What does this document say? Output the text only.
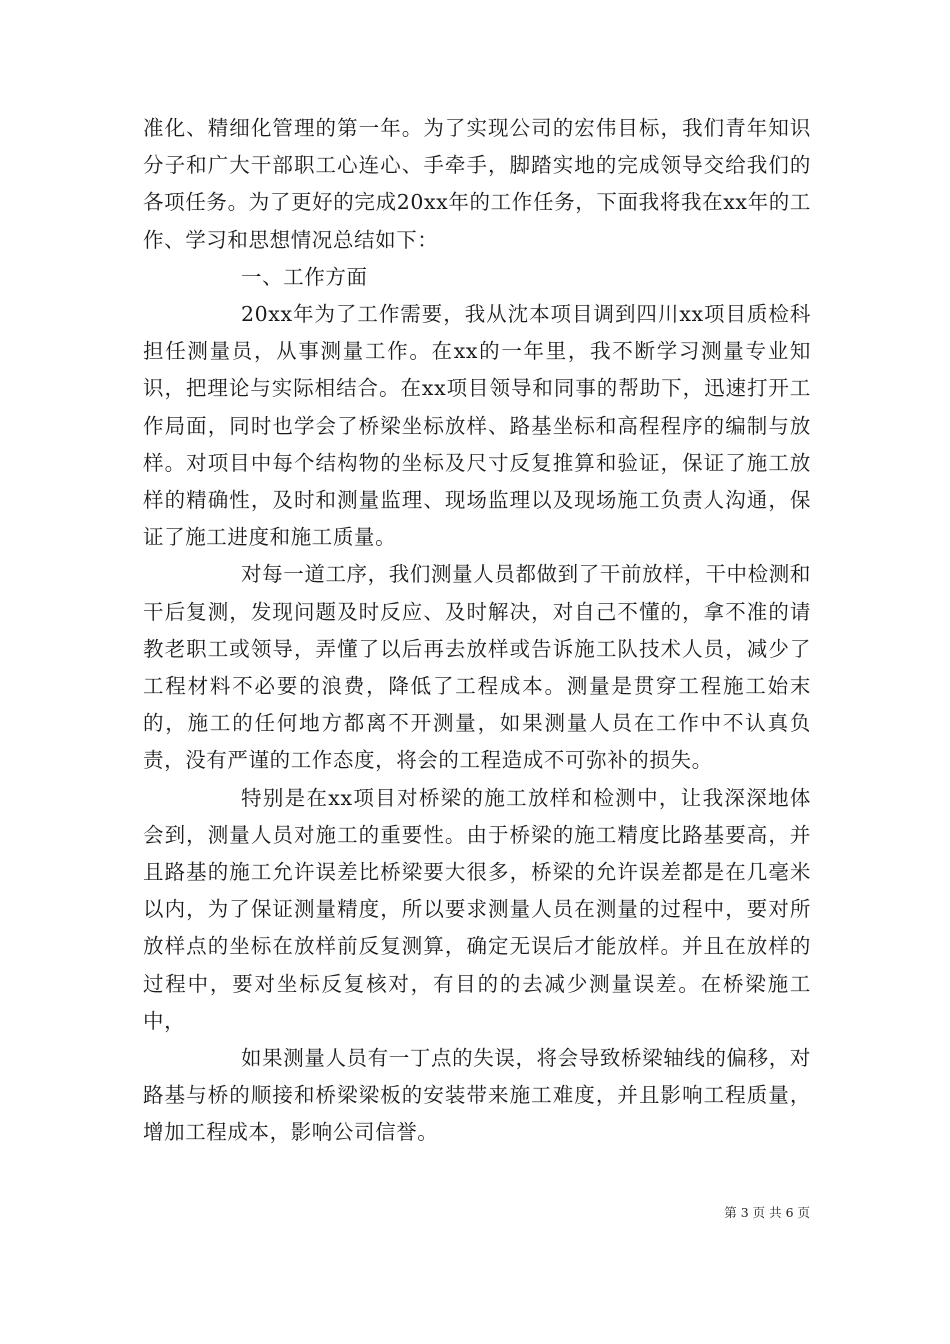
准化、精细化管理的第一年。为了实现公司的宏伟目标，我们青年知识分子和广大干部职工心连心、手牵手，脚踏实地的完成领导交给我们的各项任务。为了更好的完成20xx年的工作任务，下面我将我在xx年的工作、学习和思想情况总结如下：

一、工作方面

20xx年为了工作需要，我从沈本项目调到四川xx项目质检科担任测量员，从事测量工作。在xx的一年里，我不断学习测量专业知识，把理论与实际相结合。在xx项目领导和同事的帮助下，迅速打开工作局面，同时也学会了桥梁坐标放样、路基坐标和高程程序的编制与放样。对项目中每个结构物的坐标及尺寸反复推算和验证，保证了施工放样的精确性，及时和测量监理、现场监理以及现场施工负责人沟通，保证了施工进度和施工质量。

对每一道工序，我们测量人员都做到了干前放样，干中检测和干后复测，发现问题及时反应、及时解决，对自己不懂的，拿不准的请教老职工或领导，弄懂了以后再去放样或告诉施工队技术人员，减少了工程材料不必要的浪费，降低了工程成本。测量是贯穿工程施工始末的，施工的任何地方都离不开测量，如果测量人员在工作中不认真负责，没有严谨的工作态度，将会的工程造成不可弥补的损失。

特别是在xx项目对桥梁的施工放样和检测中，让我深深地体会到，测量人员对施工的重要性。由于桥梁的施工精度比路基要高，并且路基的施工允许误差比桥梁要大很多，桥梁的允许误差都是在几毫米以内，为了保证测量精度，所以要求测量人员在测量的过程中，要对所放样点的坐标在放样前反复测算，确定无误后才能放样。并且在放样的过程中，要对坐标反复核对，有目的的去减少测量误差。在桥梁施工中，

如果测量人员有一丁点的失误，将会导致桥梁轴线的偏移，对路基与桥的顺接和桥梁梁板的安装带来施工难度，并且影响工程质量，增加工程成本，影响公司信誉。

第 3 页 共 6 页
